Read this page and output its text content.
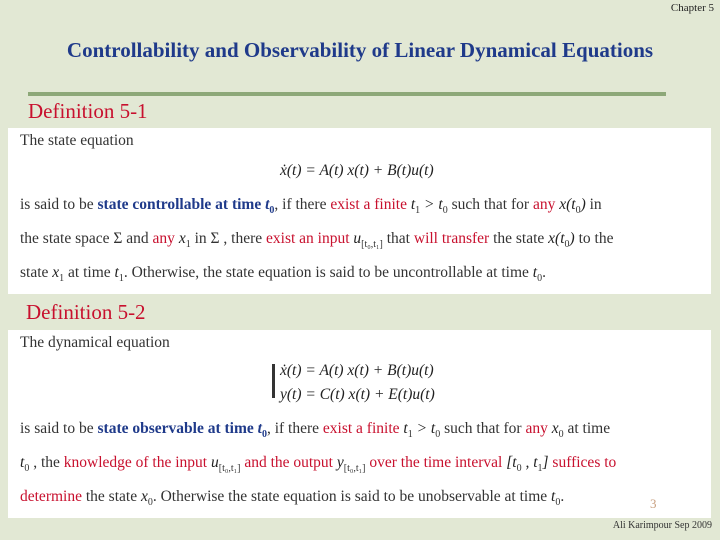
Chapter 5
Controllability and Observability of Linear Dynamical Equations
Definition 5-1
The state equation
ẋ(t) = A(t) x(t) + B(t)u(t)
is said to be state controllable at time $t_0$, if there exist a finite $t_1 > t_0$ such that for any $x(t_0)$ in
the state space Σ and any $x_1$ in Σ , there exist an input $u_{[t_0,t_1]}$ that will transfer the state $x(t_0)$ to the
state $x_1$ at time $t_1$. Otherwise, the state equation is said to be uncontrollable at time $t_0$.
Definition 5-2
The dynamical equation
ẋ(t) = A(t) x(t) + B(t)u(t)
y(t) = C(t) x(t) + E(t)u(t)
is said to be state observable at time $t_0$, if there exist a finite $t_1 > t_0$ such that for any $x_0$ at time
$t_0$ , the knowledge of the input $u_{[t_0,t_1]}$ and the output $y_{[t_0,t_1]}$ over the time interval [$t_0$ , $t_1$] suffices to
determine the state $x_0$. Otherwise the state equation is said to be unobservable at time $t_0$.	3
Ali Karimpour Sep 2009
